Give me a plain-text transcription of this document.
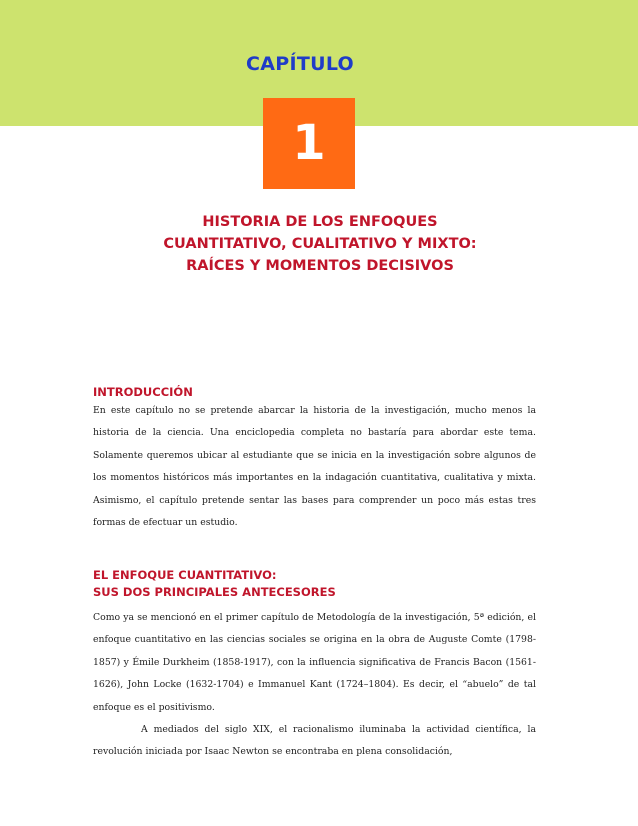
CAPÍTULO
1
HISTORIA DE LOS ENFOQUES
CUANTITATIVO, CUALITATIVO Y MIXTO:
RAÍCES Y MOMENTOS DECISIVOS
INTRODUCCIÓN

En este capítulo no se pretende abarcar la historia de la investigación, mucho menos la historia de la ciencia. Una enciclopedia completa no bastaría para abordar este tema. Solamente queremos ubicar al estudiante que se inicia en la investigación sobre algunos de los momentos históricos más importantes en la indagación cuantitativa, cualitativa y mixta. Asimismo, el capítulo pretende sentar las bases para comprender un poco más estas tres formas de efectuar un estudio.

EL ENFOQUE CUANTITATIVO:
SUS DOS PRINCIPALES ANTECESORES

Como ya se mencionó en el primer capítulo de Metodología de la investigación, 5ª edición, el enfoque cuantitativo en las ciencias sociales se origina en la obra de Auguste Comte (1798-1857) y Émile Durkheim (1858-1917), con la influencia significativa de Francis Bacon (1561-1626), John Locke (1632-1704) e Immanuel Kant (1724–1804). Es decir, el “abuelo” de tal enfoque es el positivismo.

A mediados del siglo XIX, el racionalismo iluminaba la actividad científica, la revolución iniciada por Isaac Newton se encontraba en plena consolidación,
